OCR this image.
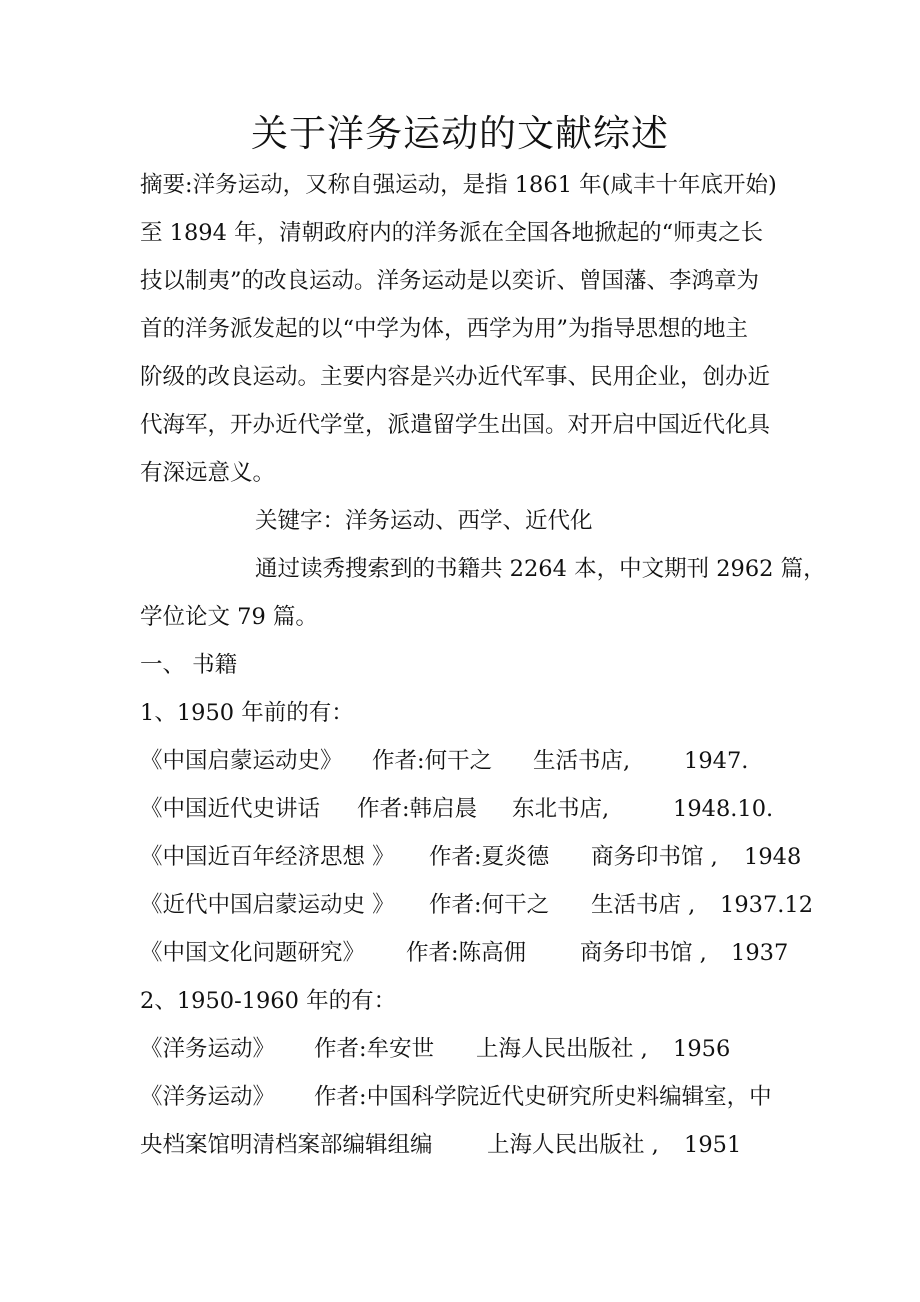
关于洋务运动的文献综述
摘要:洋务运动，又称自强运动，是指 1861 年(咸丰十年底开始)
至 1894 年，清朝政府内的洋务派在全国各地掀起的“师夷之长
技以制夷”的改良运动。洋务运动是以奕䜣、曾国藩、李鸿章为
首的洋务派发起的以“中学为体，西学为用”为指导思想的地主
阶级的改良运动。主要内容是兴办近代军事、民用企业，创办近
代海军，开办近代学堂，派遣留学生出国。对开启中国近代化具
有深远意义。
关键字：洋务运动、西学、近代化
通过读秀搜索到的书籍共 2264 本，中文期刊 2962 篇，
学位论文 79 篇。
一、 书籍
1、1950 年前的有：
《中国启蒙运动史》 作者:何干之 生活书店, 1947.
《中国近代史讲话 作者:韩启晨 东北书店,	1948.10.
《中国近百年经济思想 》 作者:夏炎德 商务印书馆 , 1948
《近代中国启蒙运动史 》 作者:何干之 生活书店 , 1937.12
《中国文化问题研究》 作者:陈高佣 商务印书馆 , 1937
2、1950-1960 年的有：
《洋务运动》 作者:牟安世 上海人民出版社 , 1956
《洋务运动》 作者:中国科学院近代史研究所史料编辑室，中
央档案馆明清档案部编辑组编 上海人民出版社 , 1951
